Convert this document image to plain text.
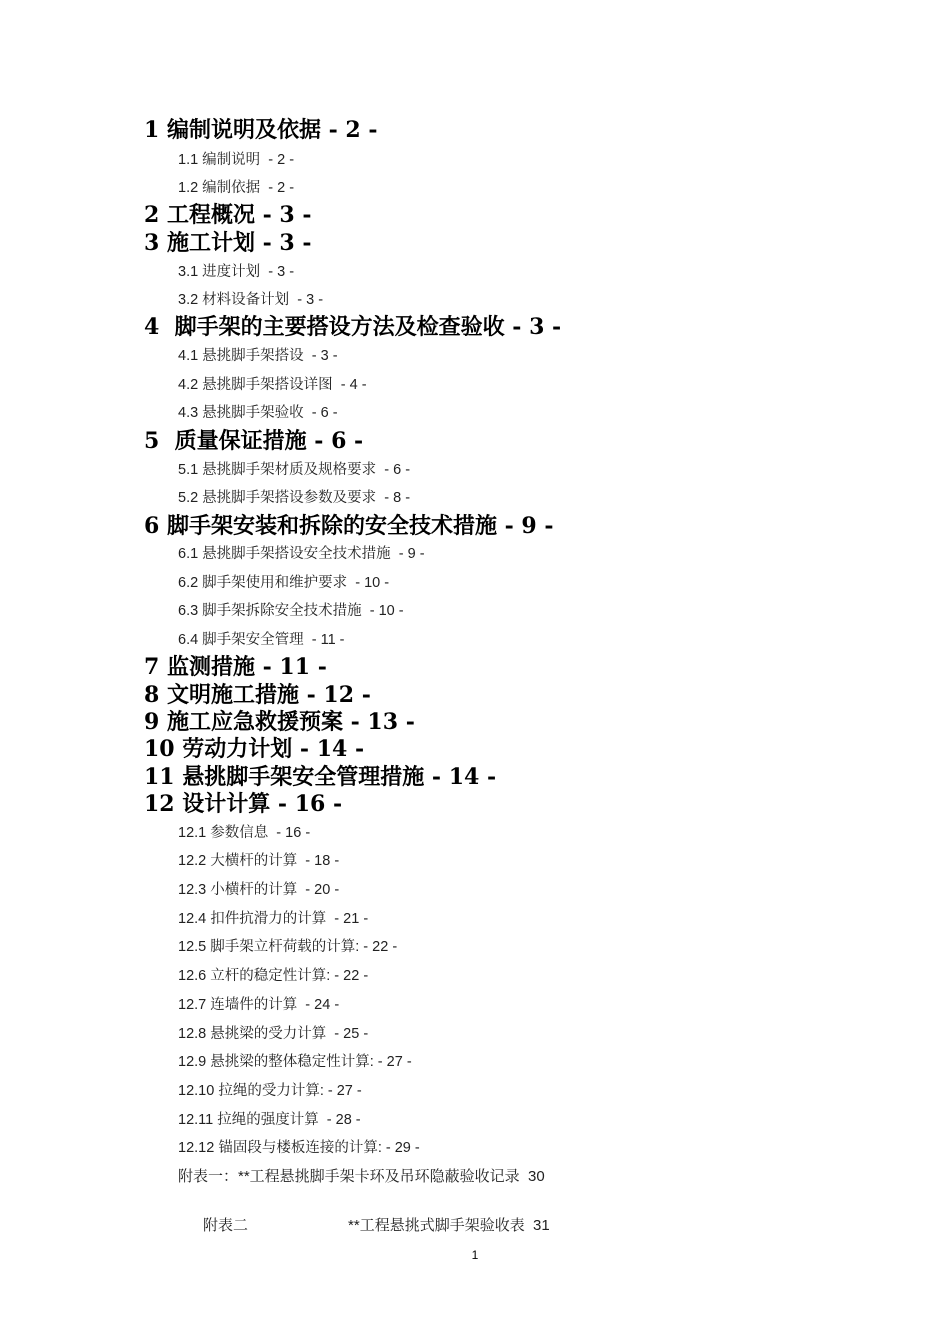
1 编制说明及依据 - 2 -
1.1 编制说明  - 2 -
1.2 编制依据  - 2 -
2 工程概况 - 3 -
3 施工计划 - 3 -
3.1 进度计划  - 3 -
3.2 材料设备计划  - 3 -
4  脚手架的主要搭设方法及检查验收 - 3 -
4.1 悬挑脚手架搭设  - 3 -
4.2 悬挑脚手架搭设详图  - 4 -
4.3 悬挑脚手架验收  - 6 -
5  质量保证措施 - 6 -
5.1 悬挑脚手架材质及规格要求  - 6 -
5.2 悬挑脚手架搭设参数及要求  - 8 -
6 脚手架安装和拆除的安全技术措施 - 9 -
6.1 悬挑脚手架搭设安全技术措施  - 9 -
6.2 脚手架使用和维护要求  - 10 -
6.3 脚手架拆除安全技术措施  - 10 -
6.4 脚手架安全管理  - 11 -
7 监测措施 - 11 -
8 文明施工措施 - 12 -
9 施工应急救援预案 - 13 -
10 劳动力计划 - 14 -
11 悬挑脚手架安全管理措施 - 14 -
12 设计计算 - 16 -
12.1 参数信息  - 16 -
12.2 大横杆的计算  - 18 -
12.3 小横杆的计算  - 20 -
12.4 扣件抗滑力的计算  - 21 -
12.5 脚手架立杆荷载的计算: - 22 -
12.6 立杆的稳定性计算: - 22 -
12.7 连墙件的计算  - 24 -
12.8 悬挑梁的受力计算  - 25 -
12.9 悬挑梁的整体稳定性计算: - 27 -
12.10 拉绳的受力计算: - 27 -
12.11 拉绳的强度计算  - 28 -
12.12 锚固段与楼板连接的计算: - 29 -
附表一：**工程悬挑脚手架卡环及吊环隐蔽验收记录  30

附表二	**工程悬挑式脚手架验收表  31

1
